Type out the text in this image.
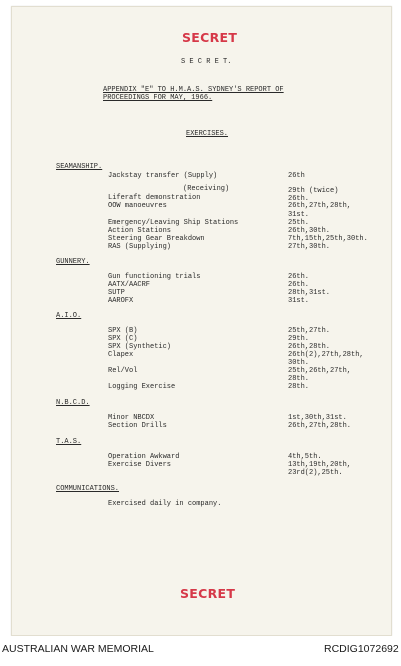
SECRET
S E C R E T.
APPENDIX "E" TO H.M.A.S. SYDNEY'S REPORT OF
PROCEEDINGS FOR MAY, 1966.
EXERCISES.
SEAMANSHIP.
Jackstay transfer (Supply)	26th
(Receiving)	29th (twice)
Liferaft demonstration	26th.
OOW manoeuvres	26th,27th,28th,
31st.
Emergency/Leaving Ship Stations	25th.
Action Stations	26th,30th.
Steering Gear Breakdown	7th,15th,25th,30th.
RAS (Supplying)	27th,30th.
GUNNERY.
Gun functioning trials	26th.
AATX/AACRF	26th.
SUTP	28th,31st.
AAROFX	31st.
A.I.O.
SPX (B)	25th,27th.
SPX (C)	29th.
SPX (Synthetic)	26th,28th.
Clapex	26th(2),27th,28th,
30th.
Rel/Vol	25th,26th,27th,
28th.
Logging Exercise	28th.
N.B.C.D.
Minor NBCDX	1st,30th,31st.
Section Drills	26th,27th,28th.
T.A.S.
Operation Awkward	4th,5th.
Exercise Divers	13th,19th,20th,
23rd(2),25th.
COMMUNICATIONS.
Exercised daily in company.
SECRET
AUSTRALIAN WAR MEMORIAL	RCDIG1072692
